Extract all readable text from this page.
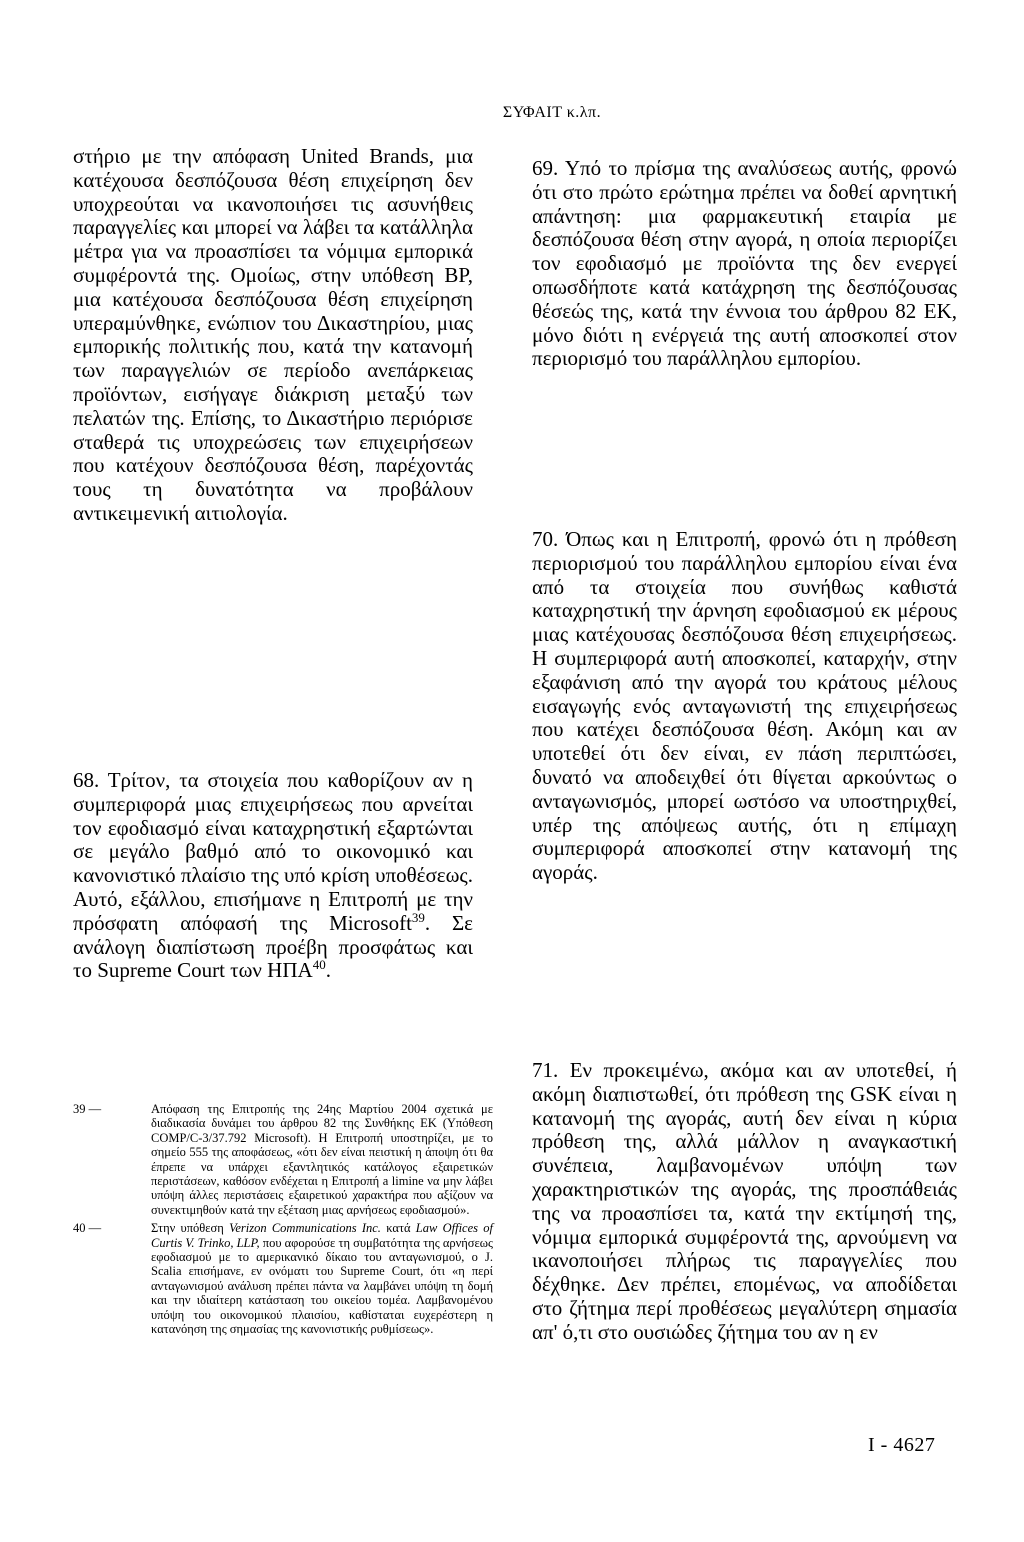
ΣΥΦΑΙΤ κ.λπ.

στήριο με την απόφαση United Brands, μια κατέχουσα δεσπόζουσα θέση επιχείρηση δεν υποχρεούται να ικανοποιήσει τις ασυνήθεις παραγγελίες και μπορεί να λάβει τα κατάλληλα μέτρα για να προασπίσει τα νόμιμα εμπορικά συμφέροντά της. Ομοίως, στην υπόθεση BP, μια κατέχουσα δεσπόζουσα θέση επιχείρηση υπεραμύνθηκε, ενώπιον του Δικαστηρίου, μιας εμπορικής πολιτικής που, κατά την κατανομή των παραγγελιών σε περίοδο ανεπάρκειας προϊόντων, εισήγαγε διάκριση μεταξύ των πελατών της. Επίσης, το Δικαστήριο περιόρισε σταθερά τις υποχρεώσεις των επιχειρήσεων που κατέχουν δεσπόζουσα θέση, παρέχοντάς τους τη δυνατότητα να προβάλουν αντικειμενική αιτιολογία.

68. Τρίτον, τα στοιχεία που καθορίζουν αν η συμπεριφορά μιας επιχειρήσεως που αρνείται τον εφοδιασμό είναι καταχρηστική εξαρτώνται σε μεγάλο βαθμό από το οικονομικό και κανονιστικό πλαίσιο της υπό κρίση υποθέσεως. Αυτό, εξάλλου, επισήμανε η Επιτροπή με την πρόσφατη απόφασή της Microsoft$^{39}$. Σε ανάλογη διαπίστωση προέβη προσφάτως και το Supreme Court των ΗΠΑ$^{40}$.

69. Υπό το πρίσμα της αναλύσεως αυτής, φρονώ ότι στο πρώτο ερώτημα πρέπει να δοθεί αρνητική απάντηση: μια φαρμακευτική εταιρία με δεσπόζουσα θέση στην αγορά, η οποία περιορίζει τον εφοδιασμό με προϊόντα της δεν ενεργεί οπωσδήποτε κατά κατάχρηση της δεσπόζουσας θέσεώς της, κατά την έννοια του άρθρου 82 ΕΚ, μόνο διότι η ενέργειά της αυτή αποσκοπεί στον περιορισμό του παράλληλου εμπορίου.

70. Όπως και η Επιτροπή, φρονώ ότι η πρόθεση περιορισμού του παράλληλου εμπορίου είναι ένα από τα στοιχεία που συνήθως καθιστά καταχρηστική την άρνηση εφοδιασμού εκ μέρους μιας κατέχουσας δεσπόζουσα θέση επιχειρήσεως. Η συμπεριφορά αυτή αποσκοπεί, καταρχήν, στην εξαφάνιση από την αγορά του κράτους μέλους εισαγωγής ενός ανταγωνιστή της επιχειρήσεως που κατέχει δεσπόζουσα θέση. Ακόμη και αν υποτεθεί ότι δεν είναι, εν πάση περιπτώσει, δυνατό να αποδειχθεί ότι θίγεται αρκούντως ο ανταγωνισμός, μπορεί ωστόσο να υποστηριχθεί, υπέρ της απόψεως αυτής, ότι η επίμαχη συμπεριφορά αποσκοπεί στην κατανομή της αγοράς.

71. Εν προκειμένω, ακόμα και αν υποτεθεί, ή ακόμη διαπιστωθεί, ότι πρόθεση της GSK είναι η κατανομή της αγοράς, αυτή δεν είναι η κύρια πρόθεση της, αλλά μάλλον η αναγκαστική συνέπεια, λαμβανομένων υπόψη των χαρακτηριστικών της αγοράς, της προσπάθειάς της να προασπίσει τα, κατά την εκτίμησή της, νόμιμα εμπορικά συμφέροντά της, αρνούμενη να ικανοποιήσει πλήρως τις παραγγελίες που δέχθηκε. Δεν πρέπει, επομένως, να αποδίδεται στο ζήτημα περί προθέσεως μεγαλύτερη σημασία απ' ό,τι στο ουσιώδες ζήτημα του αν η εν

39 —	Απόφαση της Επιτροπής της 24ης Μαρτίου 2004 σχετικά με διαδικασία δυνάμει του άρθρου 82 της Συνθήκης ΕΚ (Υπόθεση COMP/C-3/37.792 Microsoft). Η Επιτροπή υποστηρίζει, με το σημείο 555 της αποφάσεως, «ότι δεν είναι πειστική η άποψη ότι θα έπρεπε να υπάρχει εξαντλητικός κατάλογος εξαιρετικών περιστάσεων, καθόσον ενδέχεται η Επιτροπή a limine να μην λάβει υπόψη άλλες περιστάσεις εξαιρετικού χαρακτήρα που αξίζουν να συνεκτιμηθούν κατά την εξέταση μιας αρνήσεως εφοδιασμού».
40 —	Στην υπόθεση Verizon Communications Inc. κατά Law Offices of Curtis V. Trinko, LLP, που αφορούσε τη συμβατότητα της αρνήσεως εφοδιασμού με το αμερικανικό δίκαιο του ανταγωνισμού, ο J. Scalia επισήμανε, εν ονόματι του Supreme Court, ότι «η περί ανταγωνισμού ανάλυση πρέπει πάντα να λαμβάνει υπόψη τη δομή και την ιδιαίτερη κατάσταση του οικείου τομέα. Λαμβανομένου υπόψη του οικονομικού πλαισίου, καθίσταται ευχερέστερη η κατανόηση της σημασίας της κανονιστικής ρυθμίσεως».
I - 4627
